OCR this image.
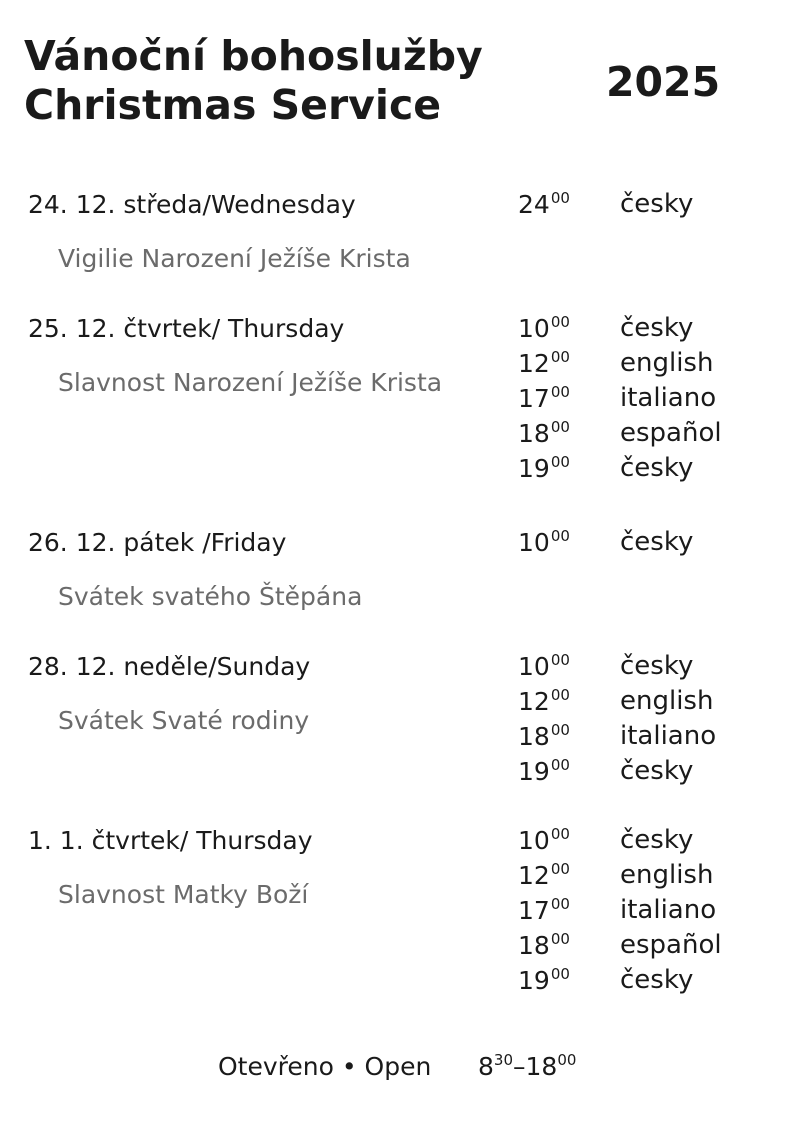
Vánoční bohoslužby
Christmas Service	2025
24. 12. středa/Wednesday
Vigilie Narození Ježíše Krista
$24^{00}$ česky
25. 12. čtvrtek/ Thursday
Slavnost Narození Ježíše Krista
$10^{00}$ česky
$12^{00}$ english
$17^{00}$ italiano
$18^{00}$ español
$19^{00}$ česky
26. 12. pátek /Friday
Svátek svatého Štěpána
$10^{00}$ česky
28. 12. neděle/Sunday
Svátek Svaté rodiny
$10^{00}$ česky
$12^{00}$ english
$18^{00}$ italiano
$19^{00}$ česky
1. 1. čtvrtek/ Thursday
Slavnost Matky Boží
$10^{00}$ česky
$12^{00}$ english
$17^{00}$ italiano
$18^{00}$ español
$19^{00}$ česky
Otevřeno • Open $8^{30}-18^{00}$
